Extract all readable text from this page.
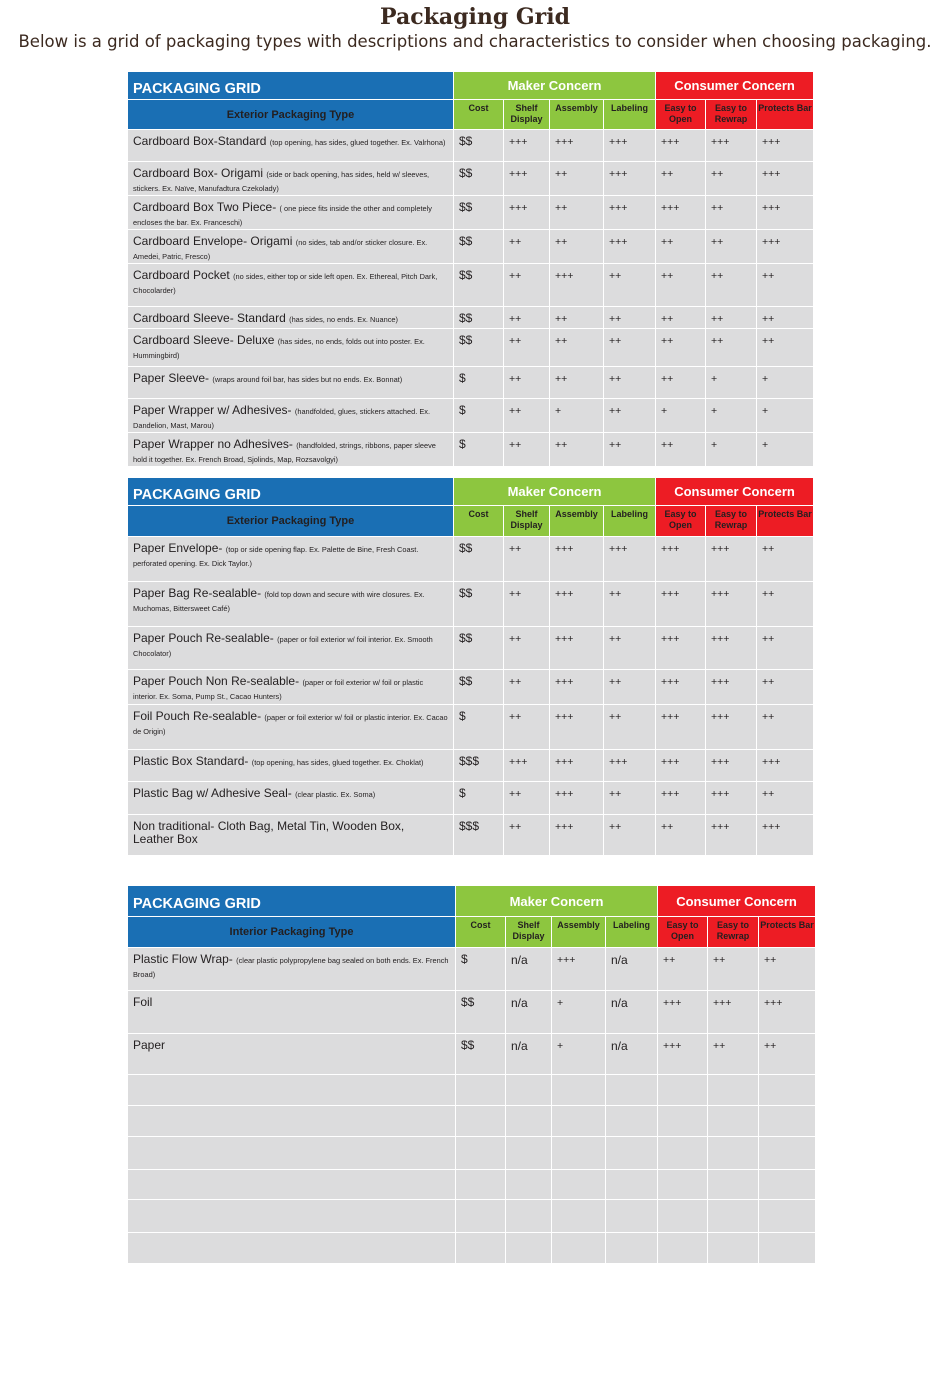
Packaging Grid
Below is a grid of packaging types with descriptions and characteristics to consider when choosing packaging.
PACKAGING GRID	Maker Concern				Consumer Concern		
Exterior Packaging Type	Cost	Shelf Display	Assembly	Labeling	Easy to Open	Easy to Rewrap	Protects Bar
Cardboard Box-Standard (top opening, has sides, glued together. Ex. Valrhona)	$$	+++	+++	+++	+++	+++	+++
Cardboard Box- Origami (side or back opening, has sides, held w/ sleeves, stickers. Ex. Naïve, Manufadtura Czekolady)	$$	+++	++	+++	++	++	+++
Cardboard Box Two Piece- ( one piece fits inside the other and completely encloses the bar. Ex. Franceschi)	$$	+++	++	+++	+++	++	+++
Cardboard Envelope- Origami (no sides, tab and/or sticker closure. Ex. Amedei, Patric, Fresco)	$$	++	++	+++	++	++	+++
Cardboard Pocket (no sides, either top or side left open. Ex. Ethereal, Pitch Dark, Chocolarder)	$$	++	+++	++	++	++	++
Cardboard Sleeve- Standard (has sides, no ends. Ex. Nuance)	$$	++	++	++	++	++	++
Cardboard Sleeve- Deluxe (has sides, no ends, folds out into poster. Ex. Hummingbird)	$$	++	++	++	++	++	++
Paper Sleeve- (wraps around foil bar, has sides but no ends. Ex. Bonnat)	$	++	++	++	++	+	+
Paper Wrapper w/ Adhesives- (handfolded, glues, stickers attached. Ex. Dandelion, Mast, Marou)	$	++	+	++	+	+	+
Paper Wrapper no Adhesives- (handfolded, strings, ribbons, paper sleeve hold it together. Ex. French Broad, Sjolinds, Map, Rozsavolgyi)	$	++	++	++	++	+	+
PACKAGING GRID	Maker Concern				Consumer Concern		
Exterior Packaging Type	Cost	Shelf Display	Assembly	Labeling	Easy to Open	Easy to Rewrap	Protects Bar
Paper Envelope- (top or side opening flap. Ex. Palette de Bine, Fresh Coast. perforated opening. Ex. Dick Taylor.)	$$	++	+++	+++	+++	+++	++
Paper Bag Re-sealable- (fold top down and secure with wire closures. Ex. Muchomas, Bittersweet Café)	$$	++	+++	++	+++	+++	++
Paper Pouch Re-sealable- (paper or foil exterior w/ foil interior. Ex. Smooth Chocolator)	$$	++	+++	++	+++	+++	++
Paper Pouch Non Re-sealable- (paper or foil exterior w/ foil or plastic interior. Ex. Soma, Pump St., Cacao Hunters)	$$	++	+++	++	+++	+++	++
Foil Pouch Re-sealable- (paper or foil exterior w/ foil or plastic interior. Ex. Cacao de Origin)	$	++	+++	++	+++	+++	++
Plastic Box Standard- (top opening, has sides, glued together. Ex. Choklat)	$$$	+++	+++	+++	+++	+++	+++
Plastic Bag w/ Adhesive Seal- (clear plastic. Ex. Soma)	$	++	+++	++	+++	+++	++
Non traditional- Cloth Bag, Metal Tin, Wooden Box, Leather Box	$$$	++	+++	++	++	+++	+++
PACKAGING GRID	Maker Concern				Consumer Concern		
Interior Packaging Type	Cost	Shelf Display	Assembly	Labeling	Easy to Open	Easy to Rewrap	Protects Bar
Plastic Flow Wrap- (clear plastic polypropylene bag sealed on both ends. Ex. French Broad)	$	n/a	+++	n/a	++	++	++
Foil	$$	n/a	+	n/a	+++	+++	+++
Paper	$$	n/a	+	n/a	+++	++	++
